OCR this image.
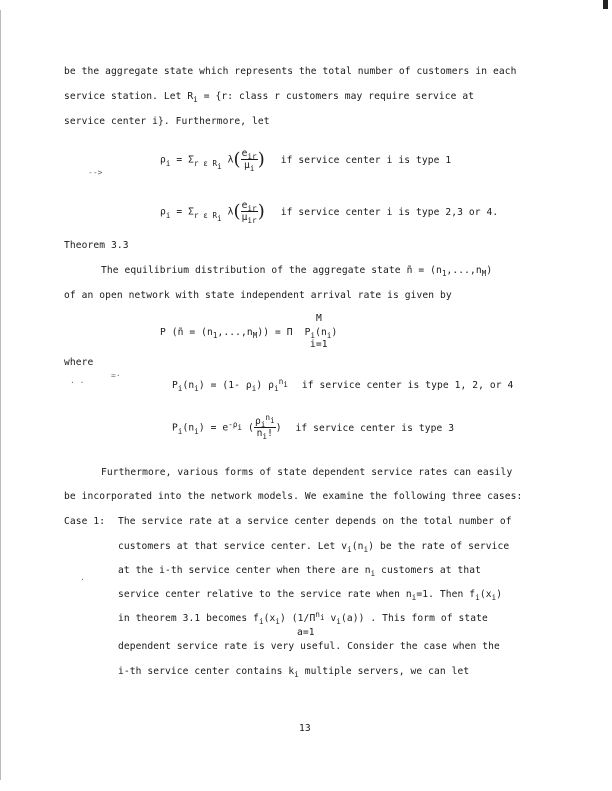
-->
· ·
=·
·
be the aggregate state which represents the total number of customers in each
service station. Let $R_i = \{r$: class r customers may require service at
service center i}. Furthermore, let
$\rho_i = \Sigma_{r \varepsilon Ri}$ $\lambda( \frac{e_{ir}}{\mu_i}$ ) if service center i is type 1
$\rho_i = \Sigma_{r \varepsilon Ri}$ $\lambda( \frac{e_{ir}}{\mu_{ir}}$ ) if service center i is type 2,3 or 4.
Theorem 3.3
The equilibrium distribution of the aggregate state ñ = $(n_1,...,n_M)$
of an open network with state independent arrival rate is given by
M
P (ñ = $(n_1,...,n_M)) = \Pi$ $P_i(n_i)$
i=1
where
$P_i(n_i) = (1-$ $\rho_i$) $\rho_i^{ni}$ if service center is type 1, 2, or 4
$P_i(n_i) = e^{-\rho i}$ ( $\frac{\rho_i^{ni}}{n_i!}$ ) if service center is type 3
Furthermore, various forms of state dependent service rates can easily
be incorporated into the network models. We examine the following three cases:
Case 1: The service rate at a service center depends on the total number of
customers at that service center. Let $v_i(n_i)$ be the rate of service
at the i-th service center when there are $n_i$ customers at that
service center relative to the service rate when $n_i=1$. Then $f_i(x_i)$
in theorem 3.1 becomes $f_i(x_i)$ ($1/\Pi^{ni}$ $v_i(a)$) . This form of state
a=1
dependent service rate is very useful. Consider the case when the
i-th service center contains $k_i$ multiple servers, we can let
13
